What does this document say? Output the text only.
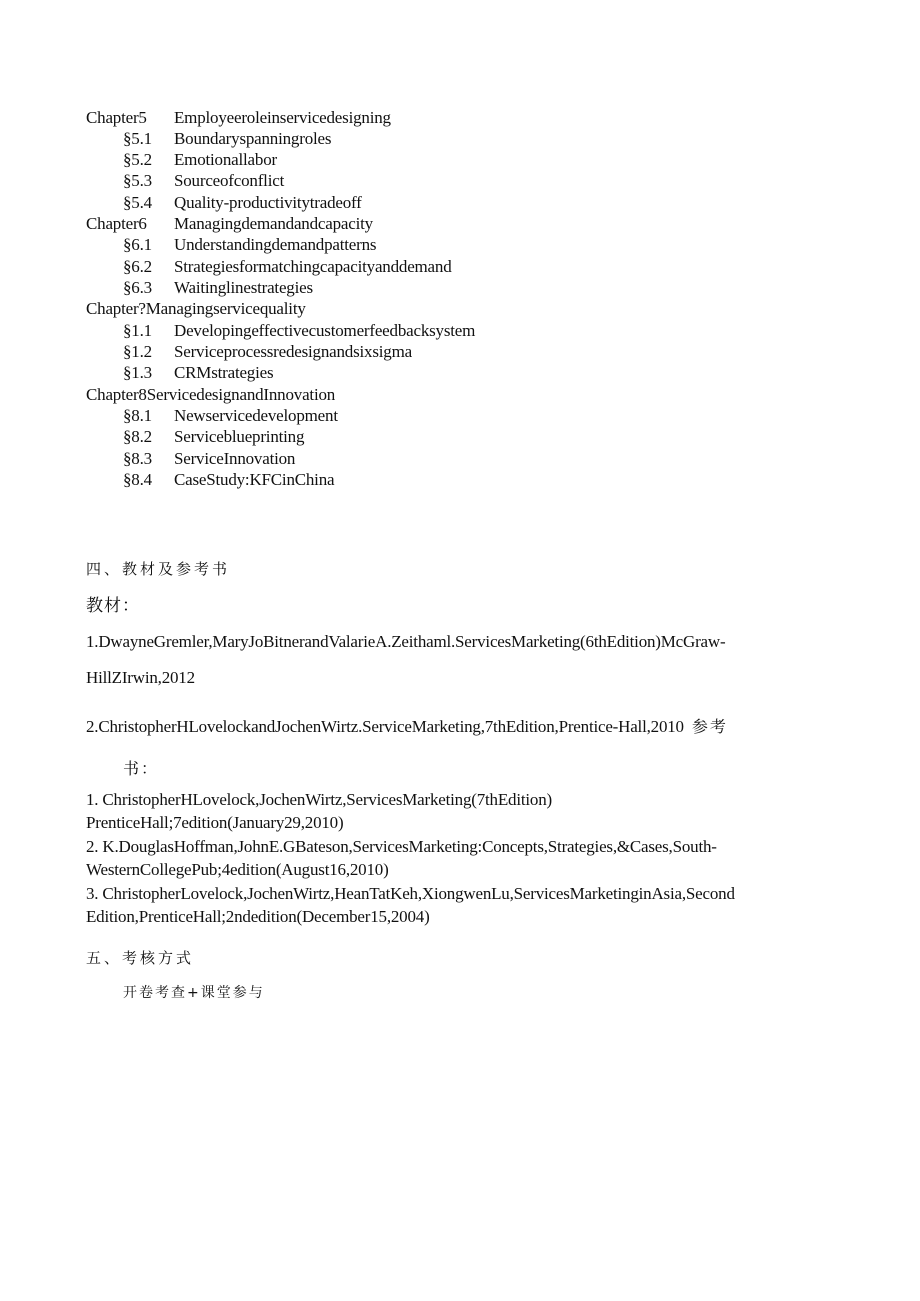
Chapter5 Employeeroleinservicedesigning
§5.1 Boundaryspanningroles
§5.2 Emotionallabor
§5.3 Sourceofconflict
§5.4 Quality-productivitytradeoff
Chapter6 Managingdemandandcapacity
§6.1 Understandingdemandpatterns
§6.2 Strategiesformatchingcapacityanddemand
§6.3 Waitinglinestrategies
Chapter?Managingservicequality
§1.1 Developingeffectivecustomerfeedbacksystem
§1.2 Serviceprocessredesignandsixsigma
§1.3 CRMstrategies
Chapter8ServicedesignandInnovation
§8.1 Newservicedevelopment
§8.2 Serviceblueprinting
§8.3 ServiceInnovation
§8.4 CaseStudy:KFCinChina
四、教材及参考书
教材：
1.DwayneGremler,MaryJoBitnerandValarieA.Zeithaml.ServicesMarketing(6thEdition)McGraw-
HillZIrwin,2012
2.ChristopherHLovelockandJochenWirtz.ServiceMarketing,7thEdition,Prentice-Hall,2010 参考
书：
1. ChristopherHLovelock,JochenWirtz,ServicesMarketing(7thEdition)
PrenticeHall;7edition(January29,2010)
2. K.DouglasHoffman,JohnE.GBateson,ServicesMarketing:Concepts,Strategies,&Cases,South-
WesternCollegePub;4edition(August16,2010)
3. ChristopherLovelock,JochenWirtz,HeanTatKeh,XiongwenLu,ServicesMarketinginAsia,Second
Edition,PrenticeHall;2ndedition(December15,2004)
五、考核方式
开卷考查+课堂参与
